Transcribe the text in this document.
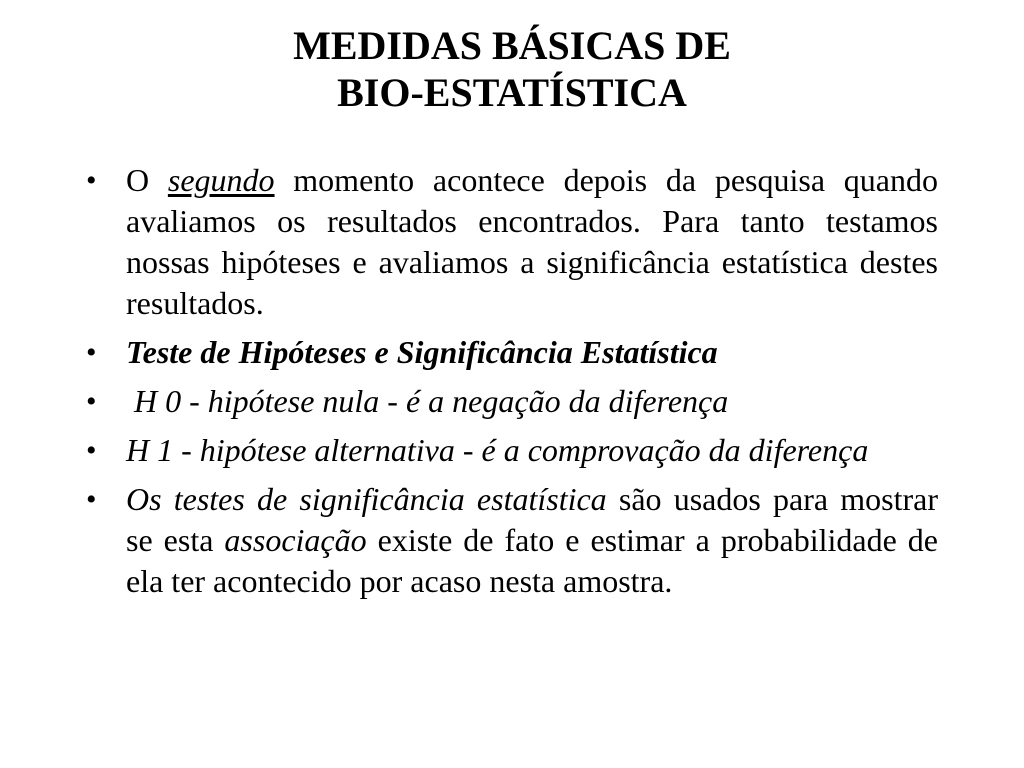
MEDIDAS BÁSICAS DE
BIO-ESTATÍSTICA
• O segundo momento acontece depois da pesquisa quando avaliamos os resultados encontrados. Para tanto testamos nossas hipóteses e avaliamos a significância estatística destes resultados.
• Teste de Hipóteses e Significância Estatística
•  H 0 - hipótese nula - é a negação da diferença
• H 1 - hipótese alternativa - é a comprovação da diferença
• Os testes de significância estatística são usados para mostrar se esta associação existe de fato e estimar a probabilidade de ela ter acontecido por acaso nesta amostra.
